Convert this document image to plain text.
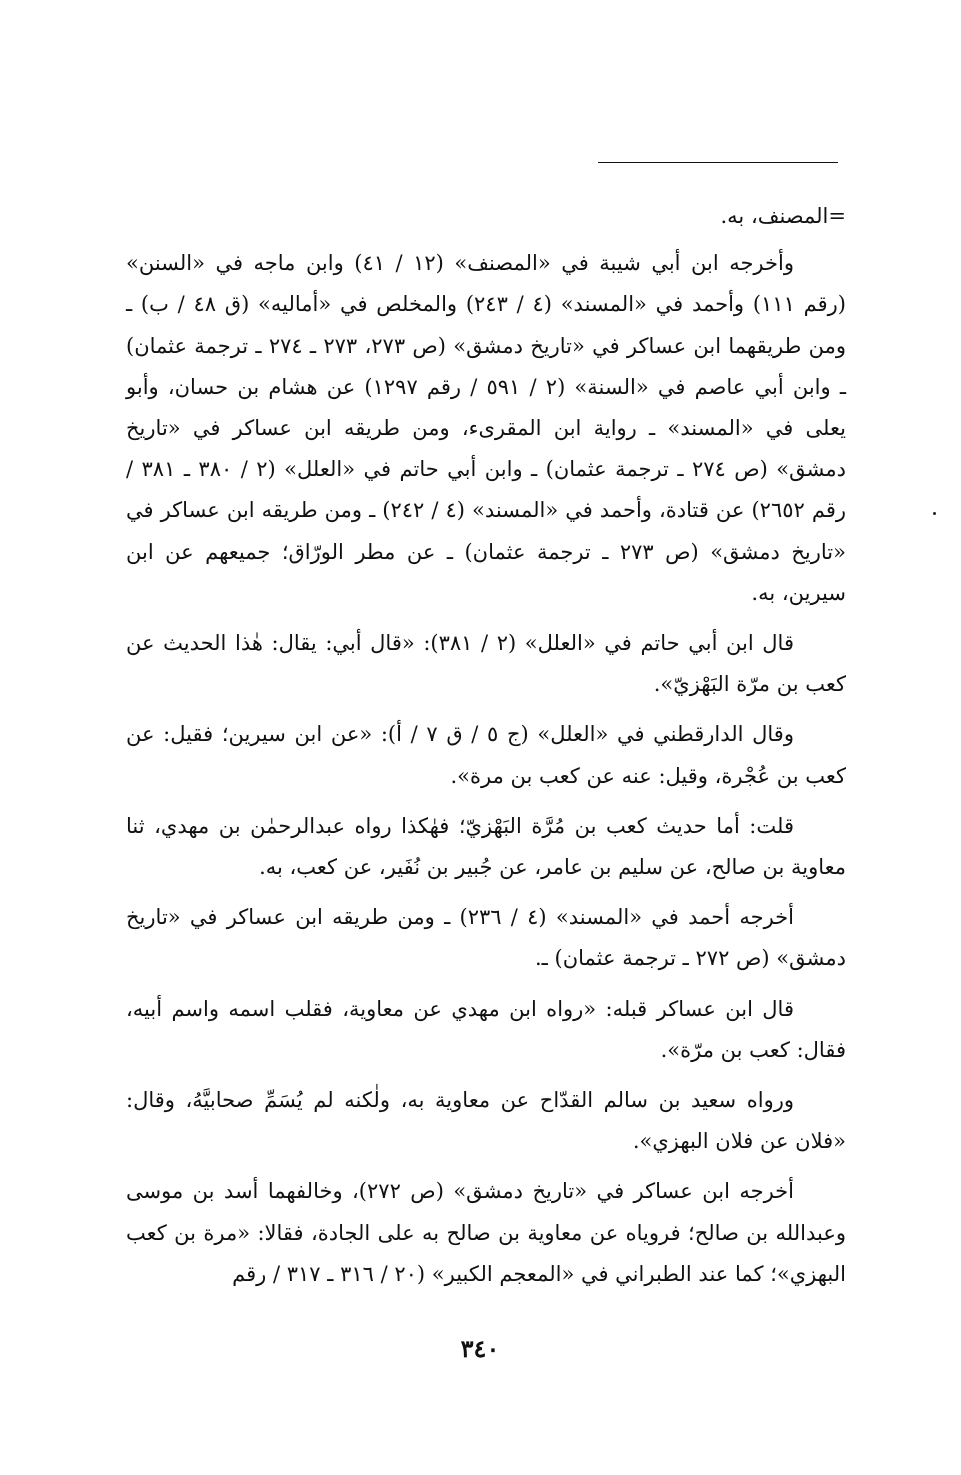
=المصنف، به.

وأخرجه ابن أبي شيبة في «المصنف» (١٢ / ٤١) وابن ماجه في «السنن» (رقم ١١١) وأحمد في «المسند» (٤ / ٢٤٣) والمخلص في «أماليه» (ق ٤٨ / ب) ـ ومن طريقهما ابن عساكر في «تاريخ دمشق» (ص ٢٧٣، ٢٧٣ ـ ٢٧٤ ـ ترجمة عثمان) ـ وابن أبي عاصم في «السنة» (٢ / ٥٩١ / رقم ١٢٩٧) عن هشام بن حسان، وأبو يعلى في «المسند» ـ رواية ابن المقرىء، ومن طريقه ابن عساكر في «تاريخ دمشق» (ص ٢٧٤ ـ ترجمة عثمان) ـ وابن أبي حاتم في «العلل» (٢ / ٣٨٠ ـ ٣٨١ / رقم ٢٦٥٢) عن قتادة، وأحمد في «المسند» (٤ / ٢٤٢) ـ ومن طريقه ابن عساكر في «تاريخ دمشق» (ص ٢٧٣ ـ ترجمة عثمان) ـ عن مطر الورّاق؛ جميعهم عن ابن سيرين، به.

قال ابن أبي حاتم في «العلل» (٢ / ٣٨١): «قال أبي: يقال: هٰذا الحديث عن كعب بن مرّة البَهْزيّ».

وقال الدارقطني في «العلل» (ج ٥ / ق ٧ / أ): «عن ابن سيرين؛ فقيل: عن كعب بن عُجْرة، وقيل: عنه عن كعب بن مرة».

قلت: أما حديث كعب بن مُرَّة البَهْزيّ؛ فهٰكذا رواه عبدالرحمٰن بن مهدي، ثنا معاوية بن صالح، عن سليم بن عامر، عن جُبير بن نُفَير، عن كعب، به.

أخرجه أحمد في «المسند» (٤ / ٢٣٦) ـ ومن طريقه ابن عساكر في «تاريخ دمشق» (ص ٢٧٢ ـ ترجمة عثمان) ـ.

قال ابن عساكر قبله: «رواه ابن مهدي عن معاوية، فقلب اسمه واسم أبيه، فقال: كعب بن مرّة».

ورواه سعيد بن سالم القدّاح عن معاوية به، ولٰكنه لم يُسَمِّ صحابيَّهُ، وقال: «فلان عن فلان البهزي».

أخرجه ابن عساكر في «تاريخ دمشق» (ص ٢٧٢)، وخالفهما أسد بن موسى وعبدالله بن صالح؛ فروياه عن معاوية بن صالح به على الجادة، فقالا: «مرة بن كعب البهزي»؛ كما عند الطبراني في «المعجم الكبير» (٢٠ / ٣١٦ ـ ٣١٧ / رقم

٣٤٠
